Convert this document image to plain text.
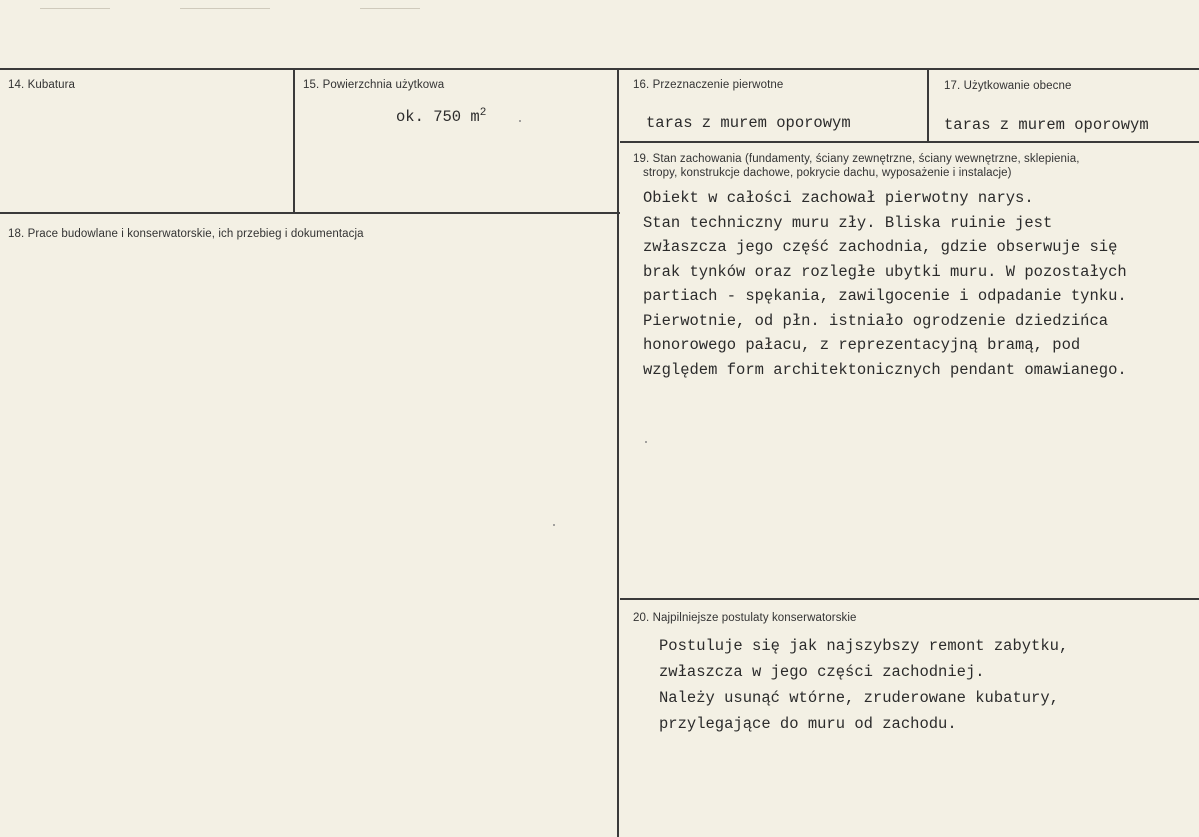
14. Kubatura	15. Powierzchnia użytkowa
ok. 750 $m^2$
16. Przeznaczenie pierwotne
taras z murem oporowym
17. Użytkowanie obecne
taras z murem oporowym
18. Prace budowlane i konserwatorskie, ich przebieg i dokumentacja
19. Stan zachowania (fundamenty, ściany zewnętrzne, ściany wewnętrzne, sklepienia,
stropy, konstrukcje dachowe, pokrycie dachu, wyposażenie i instalacje)
Obiekt w całości zachował pierwotny narys.
Stan techniczny muru zły. Bliska ruinie jest
zwłaszcza jego część zachodnia, gdzie obserwuje się
brak tynków oraz rozległe ubytki muru. W pozostałych
partiach - spękania, zawilgocenie i odpadanie tynku.
Pierwotnie, od płn. istniało ogrodzenie dziedzińca
honorowego pałacu, z reprezentacyjną bramą, pod
względem form architektonicznych pendant omawianego.
20. Najpilniejsze postulaty konserwatorskie
Postuluje się jak najszybszy remont zabytku,
zwłaszcza w jego części zachodniej.
Należy usunąć wtórne, zruderowane kubatury,
przylegające do muru od zachodu.
